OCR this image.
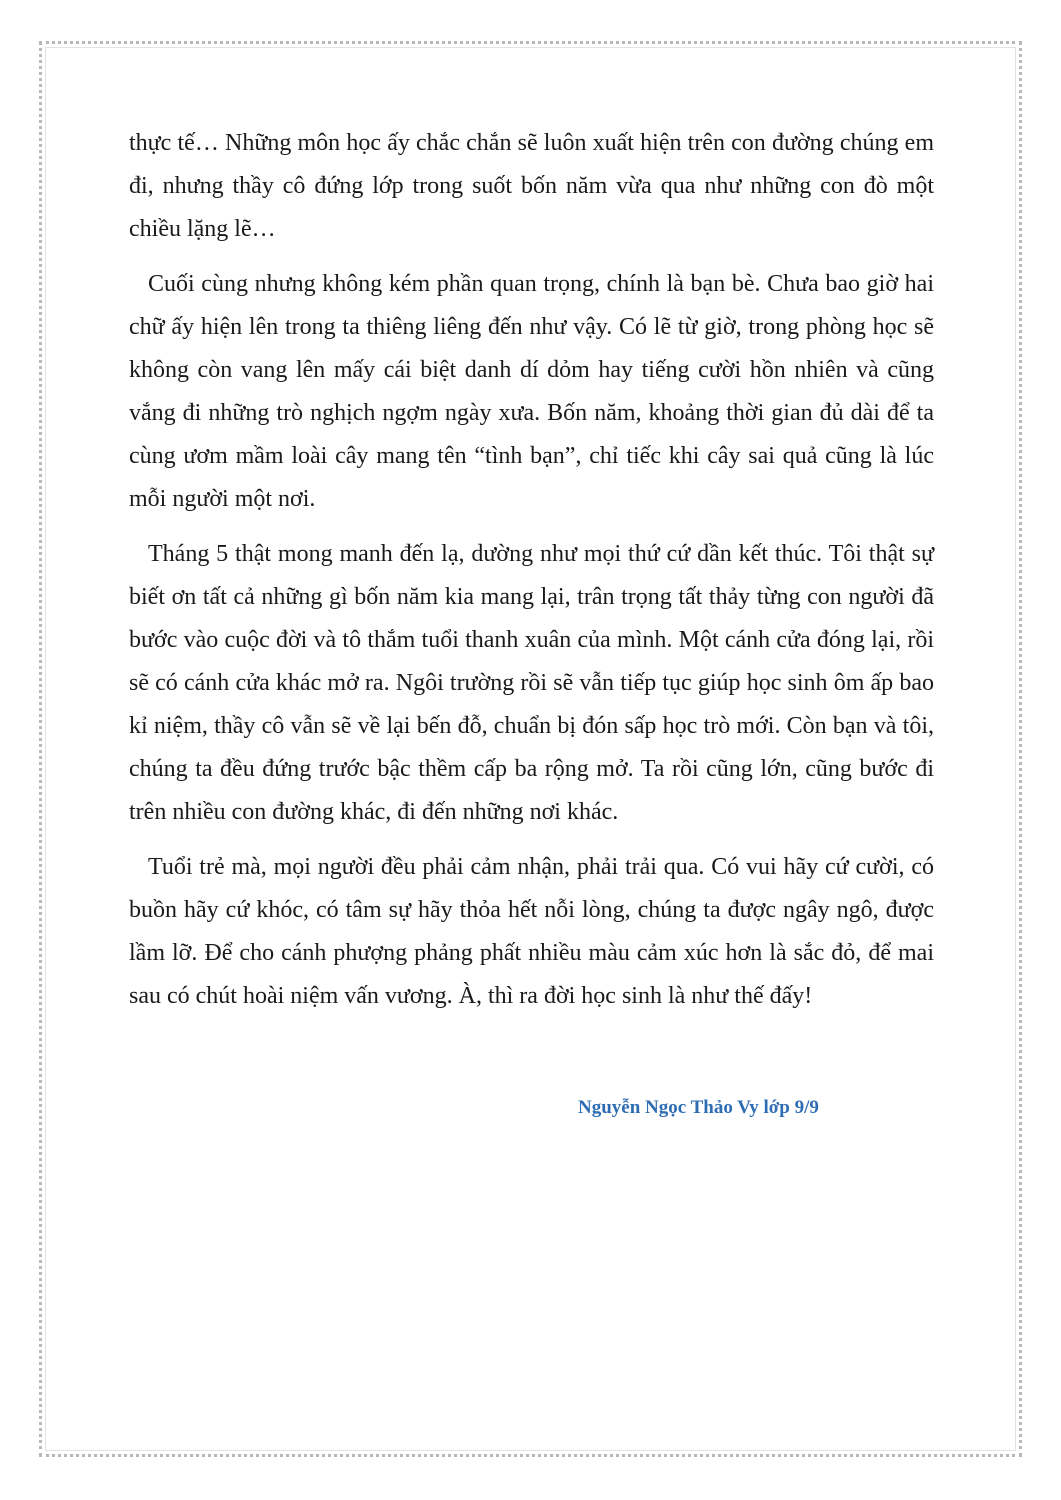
thực tế… Những môn học ấy chắc chắn sẽ luôn xuất hiện trên con đường chúng em đi, nhưng thầy cô đứng lớp trong suốt bốn năm vừa qua như những con đò một chiều lặng lẽ…

Cuối cùng nhưng không kém phần quan trọng, chính là bạn bè. Chưa bao giờ hai chữ ấy hiện lên trong ta thiêng liêng đến như vậy. Có lẽ từ giờ, trong phòng học sẽ không còn vang lên mấy cái biệt danh dí dỏm hay tiếng cười hồn nhiên và cũng vắng đi những trò nghịch ngợm ngày xưa. Bốn năm, khoảng thời gian đủ dài để ta cùng ươm mầm loài cây mang tên “tình bạn”, chỉ tiếc khi cây sai quả cũng là lúc mỗi người một nơi.

Tháng 5 thật mong manh đến lạ, dường như mọi thứ cứ dần kết thúc. Tôi thật sự biết ơn tất cả những gì bốn năm kia mang lại, trân trọng tất thảy từng con người đã bước vào cuộc đời và tô thắm tuổi thanh xuân của mình. Một cánh cửa đóng lại, rồi sẽ có cánh cửa khác mở ra. Ngôi trường rồi sẽ vẫn tiếp tục giúp học sinh ôm ấp bao kỉ niệm, thầy cô vẫn sẽ về lại bến đỗ, chuẩn bị đón sấp học trò mới. Còn bạn và tôi, chúng ta đều đứng trước bậc thềm cấp ba rộng mở. Ta rồi cũng lớn, cũng bước đi trên nhiều con đường khác, đi đến những nơi khác.

Tuổi trẻ mà, mọi người đều phải cảm nhận, phải trải qua. Có vui hãy cứ cười, có buồn hãy cứ khóc, có tâm sự hãy thỏa hết nỗi lòng, chúng ta được ngây ngô, được lầm lỡ. Để cho cánh phượng phảng phất nhiều màu cảm xúc hơn là sắc đỏ, để mai sau có chút hoài niệm vấn vương. À, thì ra đời học sinh là như thế đấy!

Nguyễn Ngọc Thảo Vy lớp 9/9
